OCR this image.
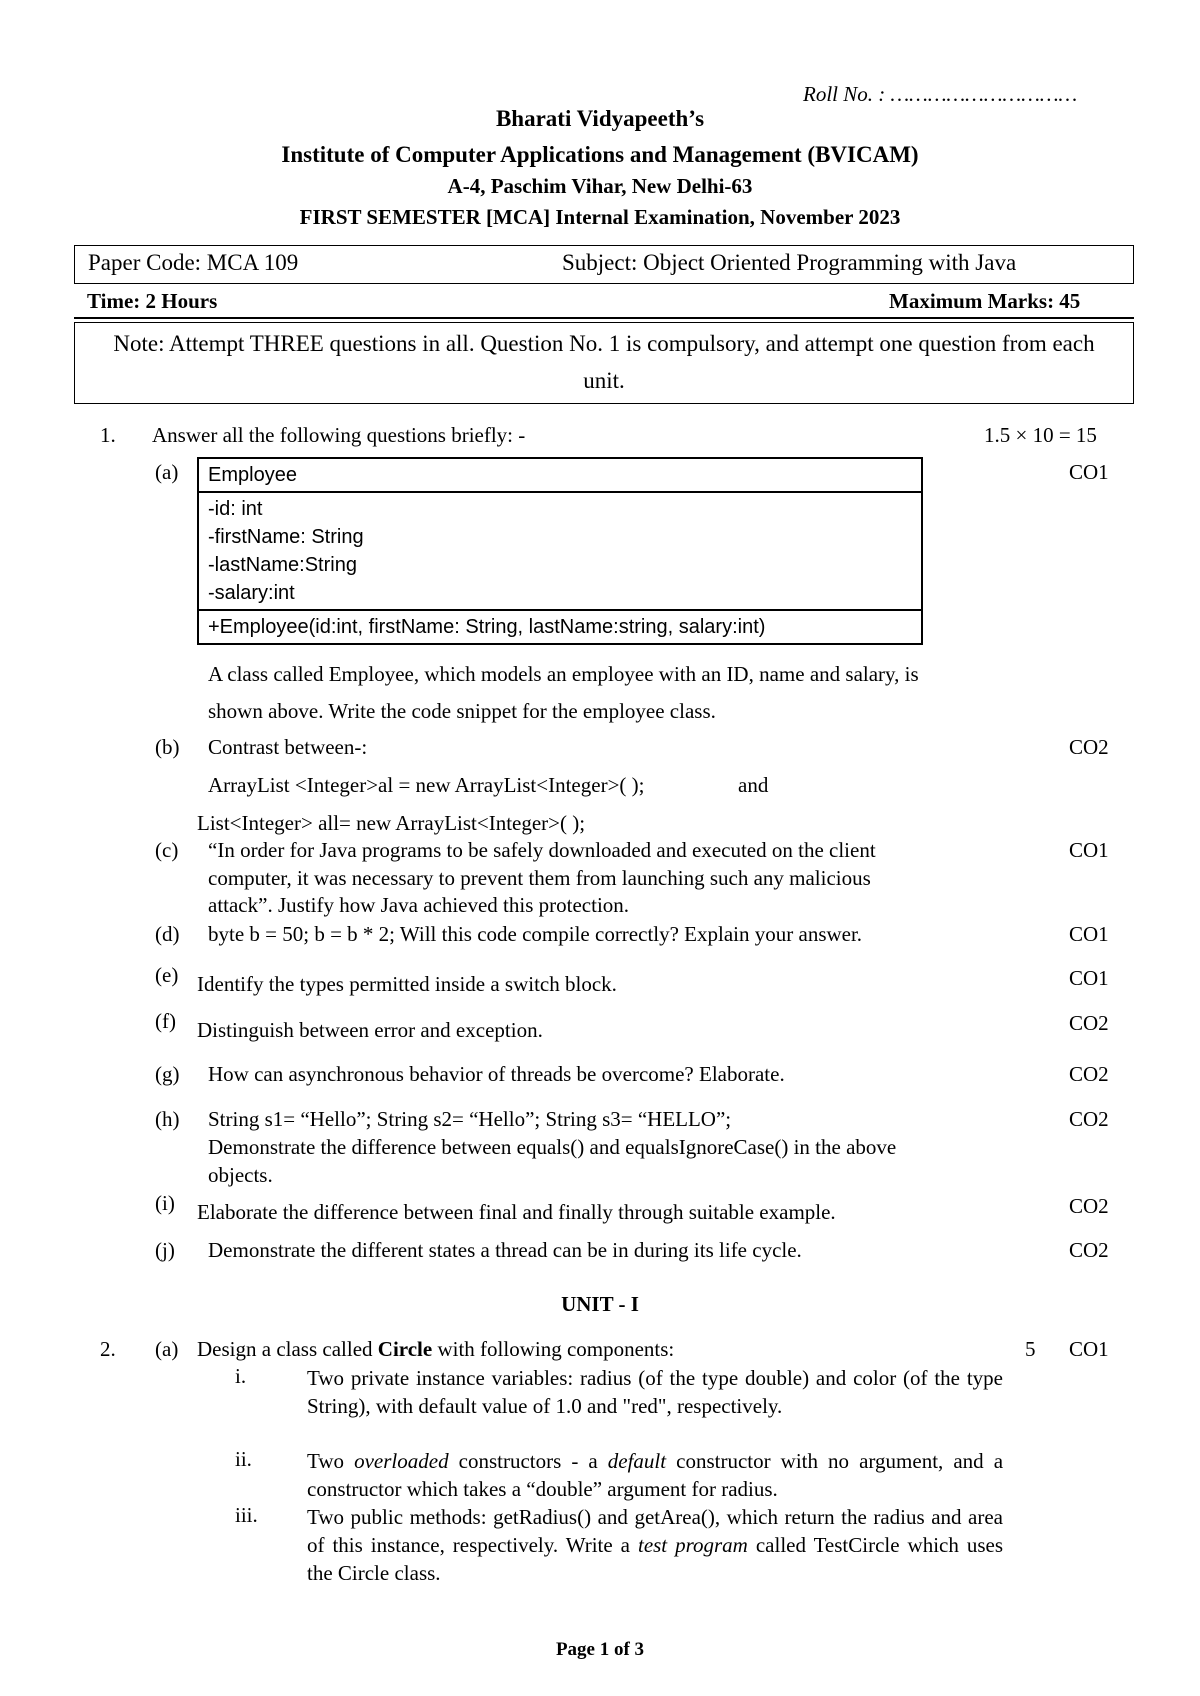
Roll No. : …………………………
Bharati Vidyapeeth’s
Institute of Computer Applications and Management (BVICAM)
A-4, Paschim Vihar, New Delhi-63
FIRST SEMESTER [MCA] Internal Examination, November 2023
Paper Code: MCA 109	Subject: Object Oriented Programming with Java
Time: 2 Hours	Maximum Marks: 45
Note: Attempt THREE questions in all. Question No. 1 is compulsory, and attempt one question from each unit.
1. Answer all the following questions briefly: -	1.5 × 10 = 15
(a)	CO1
Employee
-id: int
-firstName: String
-lastName:String
-salary:int
+Employee(id:int, firstName: String, lastName:string, salary:int)
A class called Employee, which models an employee with an ID, name and salary, is
shown above. Write the code snippet for the employee class.
(b) Contrast between-:	CO2
ArrayList <Integer>al = new ArrayList<Integer>( );	and
List<Integer> all= new ArrayList<Integer>( );
(c) “In order for Java programs to be safely downloaded and executed on the client	CO1
computer, it was necessary to prevent them from launching such any malicious
attack”. Justify how Java achieved this protection.
(d) byte b = 50; b = b * 2; Will this code compile correctly? Explain your answer.	CO1
(e) Identify the types permitted inside a switch block.	CO1
(f) Distinguish between error and exception.	CO2
(g) How can asynchronous behavior of threads be overcome? Elaborate.	CO2
(h) String s1= “Hello”; String s2= “Hello”; String s3= “HELLO”;	CO2
Demonstrate the difference between equals() and equalsIgnoreCase() in the above
objects.
(i) Elaborate the difference between final and finally through suitable example.	CO2
(j) Demonstrate the different states a thread can be in during its life cycle.	CO2
UNIT - I
2. (a) Design a class called Circle with following components:	5 CO1
i.	Two private instance variables: radius (of the type double) and color (of the type String), with default value of 1.0 and "red", respectively.
ii.	Two overloaded constructors - a default constructor with no argument, and a constructor which takes a “double” argument for radius.
iii. Two public methods: getRadius() and getArea(), which return the radius and area of this instance, respectively. Write a test program called TestCircle which uses the Circle class.
Page 1 of 3
